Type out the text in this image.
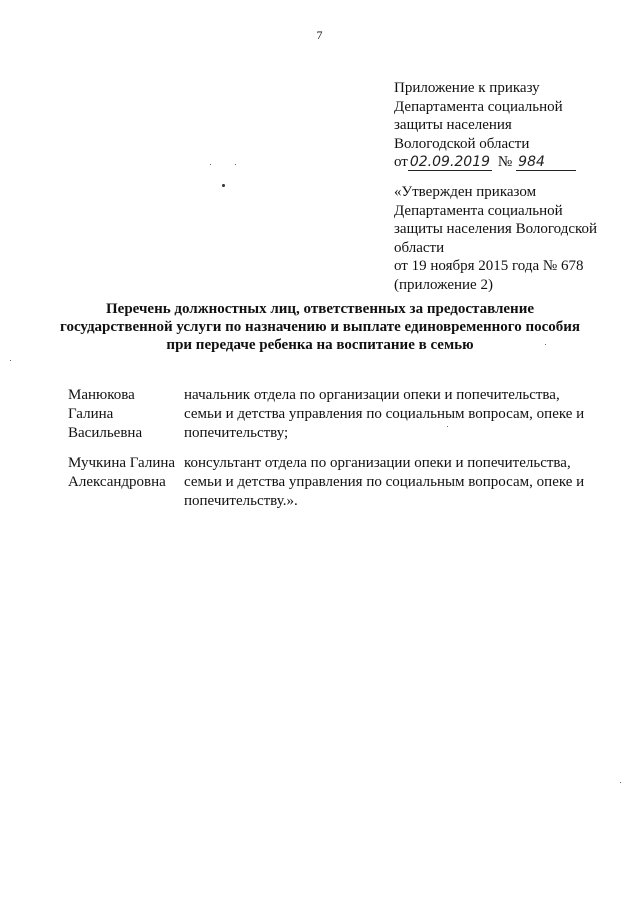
7
Приложение к приказу
Департамента социальной
защиты населения
Вологодской области
от 02.09.2019 № 984
«Утвержден приказом
Департамента социальной
защиты населения Вологодской
области
от 19 ноября 2015 года № 678
(приложение 2)
Перечень должностных лиц, ответственных за предоставление
государственной услуги по назначению и выплате единовременного пособия
при передаче ребенка на воспитание в семью
Манюкова
Галина
Васильевна
начальник отдела по организации опеки и попечительства,
семьи и детства управления по социальным вопросам, опеке и
попечительству;
Мучкина Галина
Александровна
консультант отдела по организации опеки и попечительства,
семьи и детства управления по социальным вопросам, опеке и
попечительству.».
